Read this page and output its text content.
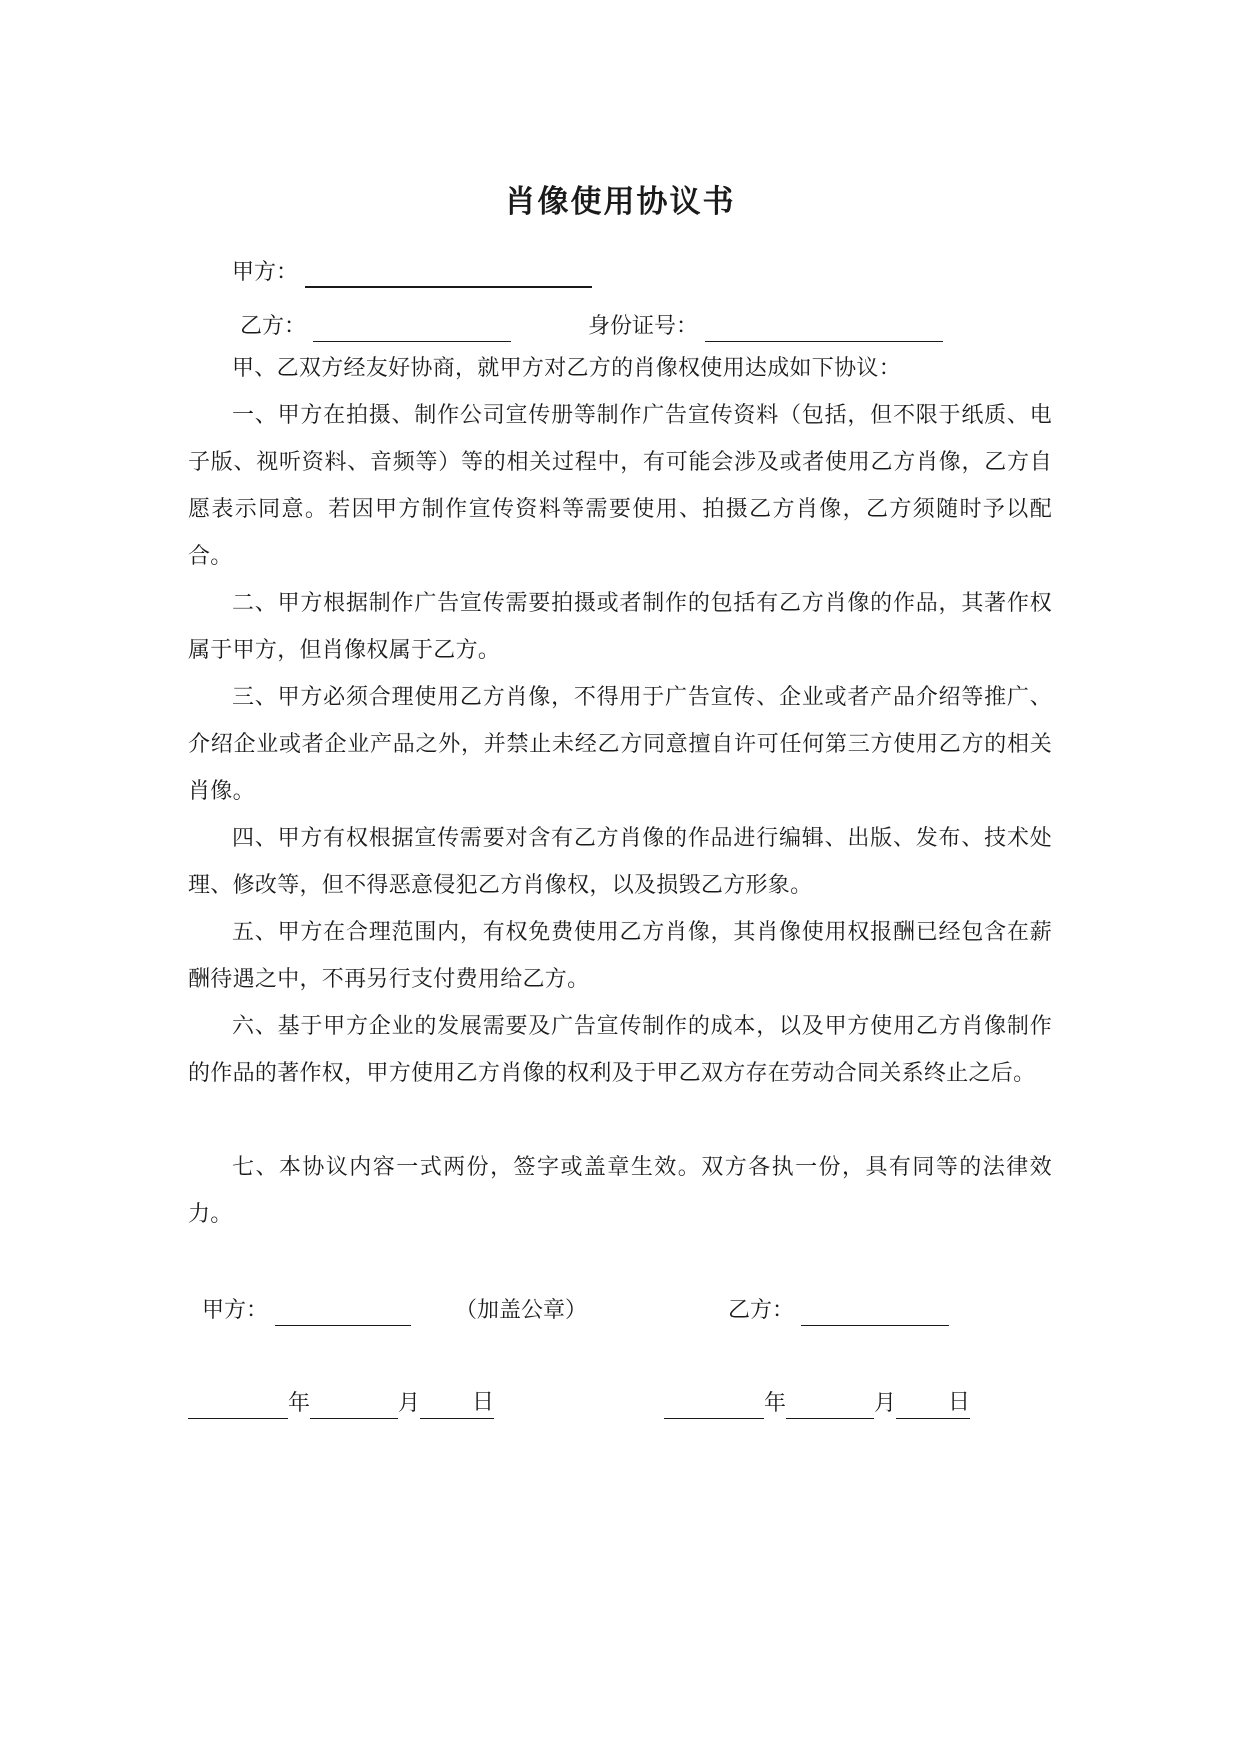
肖像使用协议书
甲方：
乙方：	身份证号：
甲、乙双方经友好协商，就甲方对乙方的肖像权使用达成如下协议：
一、甲方在拍摄、制作公司宣传册等制作广告宣传资料（包括，但不限于纸质、电子版、视听资料、音频等）等的相关过程中，有可能会涉及或者使用乙方肖像，乙方自愿表示同意。若因甲方制作宣传资料等需要使用、拍摄乙方肖像，乙方须随时予以配合。
二、甲方根据制作广告宣传需要拍摄或者制作的包括有乙方肖像的作品，其著作权属于甲方，但肖像权属于乙方。
三、甲方必须合理使用乙方肖像，不得用于广告宣传、企业或者产品介绍等推广、介绍企业或者企业产品之外，并禁止未经乙方同意擅自许可任何第三方使用乙方的相关肖像。
四、甲方有权根据宣传需要对含有乙方肖像的作品进行编辑、出版、发布、技术处理、修改等，但不得恶意侵犯乙方肖像权，以及损毁乙方形象。
五、甲方在合理范围内，有权免费使用乙方肖像，其肖像使用权报酬已经包含在薪酬待遇之中，不再另行支付费用给乙方。
六、基于甲方企业的发展需要及广告宣传制作的成本，以及甲方使用乙方肖像制作的作品的著作权，甲方使用乙方肖像的权利及于甲乙双方存在劳动合同关系终止之后。
七、本协议内容一式两份，签字或盖章生效。双方各执一份，具有同等的法律效力。
甲方：	（加盖公章）	乙方：
年	月 日	年	月 日
